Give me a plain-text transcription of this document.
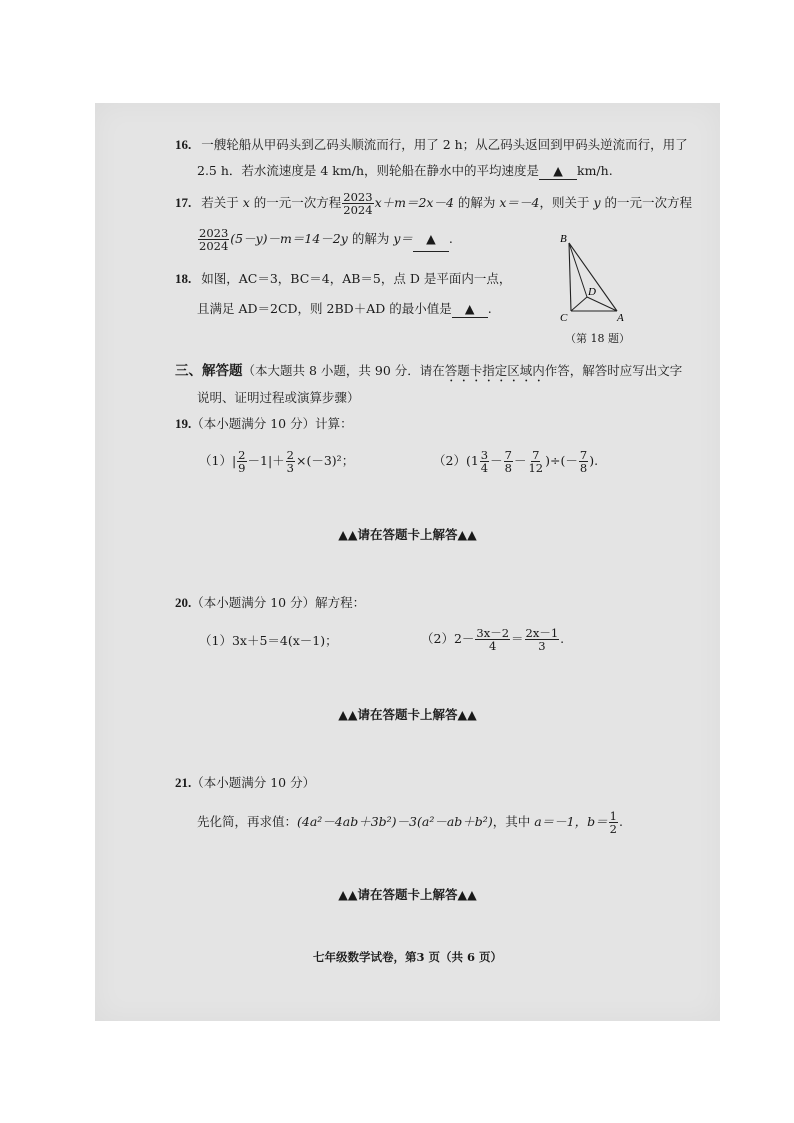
16. 一艘轮船从甲码头到乙码头顺流而行，用了 2 h；从乙码头返回到甲码头逆流而行，用了
2.5 h．若水流速度是 4 km/h，则轮船在静水中的平均速度是 ▲ km/h.
17. 若关于 x 的一元一次方程 $\frac{2023}{2024} x+m=2x-4$ 的解为 x＝－4，则关于 y 的一元一次方程
$\frac{2023}{2024} (5-y)-m=14-2y$ 的解为 y＝ ▲ .
18. 如图，AC＝3，BC＝4，AB＝5，点 D 是平面内一点，
且满足 AD＝2CD，则 2BD＋AD 的最小值是 ▲ .
B
C	A
D
（第 18 题）
三、解答题（本大题共 8 小题，共 90 分．请在答题卡指定区域内作答，解答时应写出文字
说明、证明过程或演算步骤）
19.（本小题满分 10 分）计算：
$(1)| \frac{2}{9} -1|+ \frac{2}{3} \times(-3)^2$；	$(2)(1 \frac{3}{4} - \frac{7}{8} - \frac{7}{12}$ )÷(－ $\frac{7}{8}$ ).
▲▲请在答题卡上解答▲▲
20.（本小题满分 10 分）解方程：
（1）3x＋5＝4(x－1)；	$(2)2- \frac{3x-2}{4} = \frac{2x-1}{3}$ .
▲▲请在答题卡上解答▲▲
21.（本小题满分 10 分）
先化简，再求值：(4a²－4ab＋3b²)－3(a²－ab＋b²)，其中 a＝－1，$b= \frac{1}{2}$ .
▲▲请在答题卡上解答▲▲
七年级数学试卷，第3 页（共 6 页）
